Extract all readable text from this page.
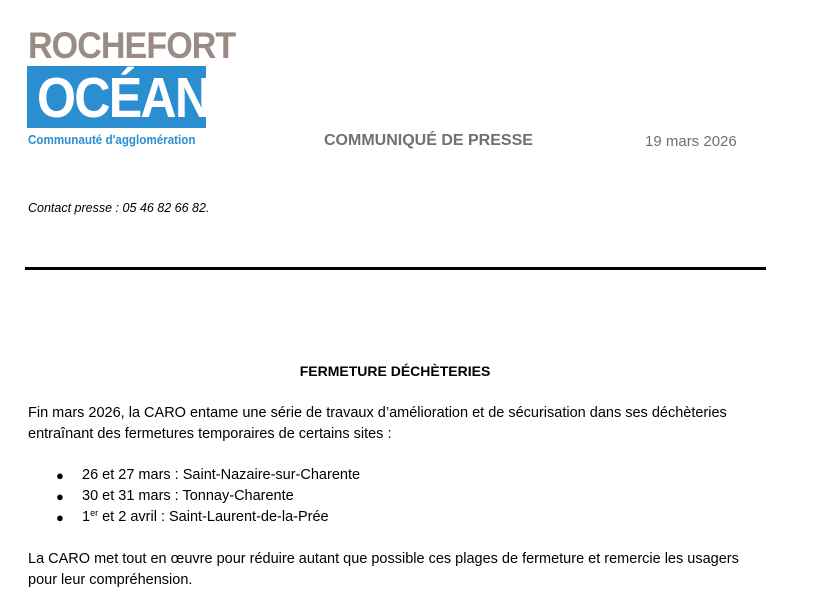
ROCHEFORT
OCÉAN
Communauté d'agglomération	COMMUNIQUÉ DE PRESSE	19 mars 2026
Contact presse : 05 46 82 66 82.
FERMETURE DÉCHÈTERIES

Fin mars 2026, la CARO entame une série de travaux d’amélioration et de sécurisation dans ses déchèteries entraînant des fermetures temporaires de certains sites :

● 26 et 27 mars : Saint-Nazaire-sur-Charente
● 30 et 31 mars : Tonnay-Charente
● 1er et 2 avril : Saint-Laurent-de-la-Prée

La CARO met tout en œuvre pour réduire autant que possible ces plages de fermeture et remercie les usagers pour leur compréhension.
